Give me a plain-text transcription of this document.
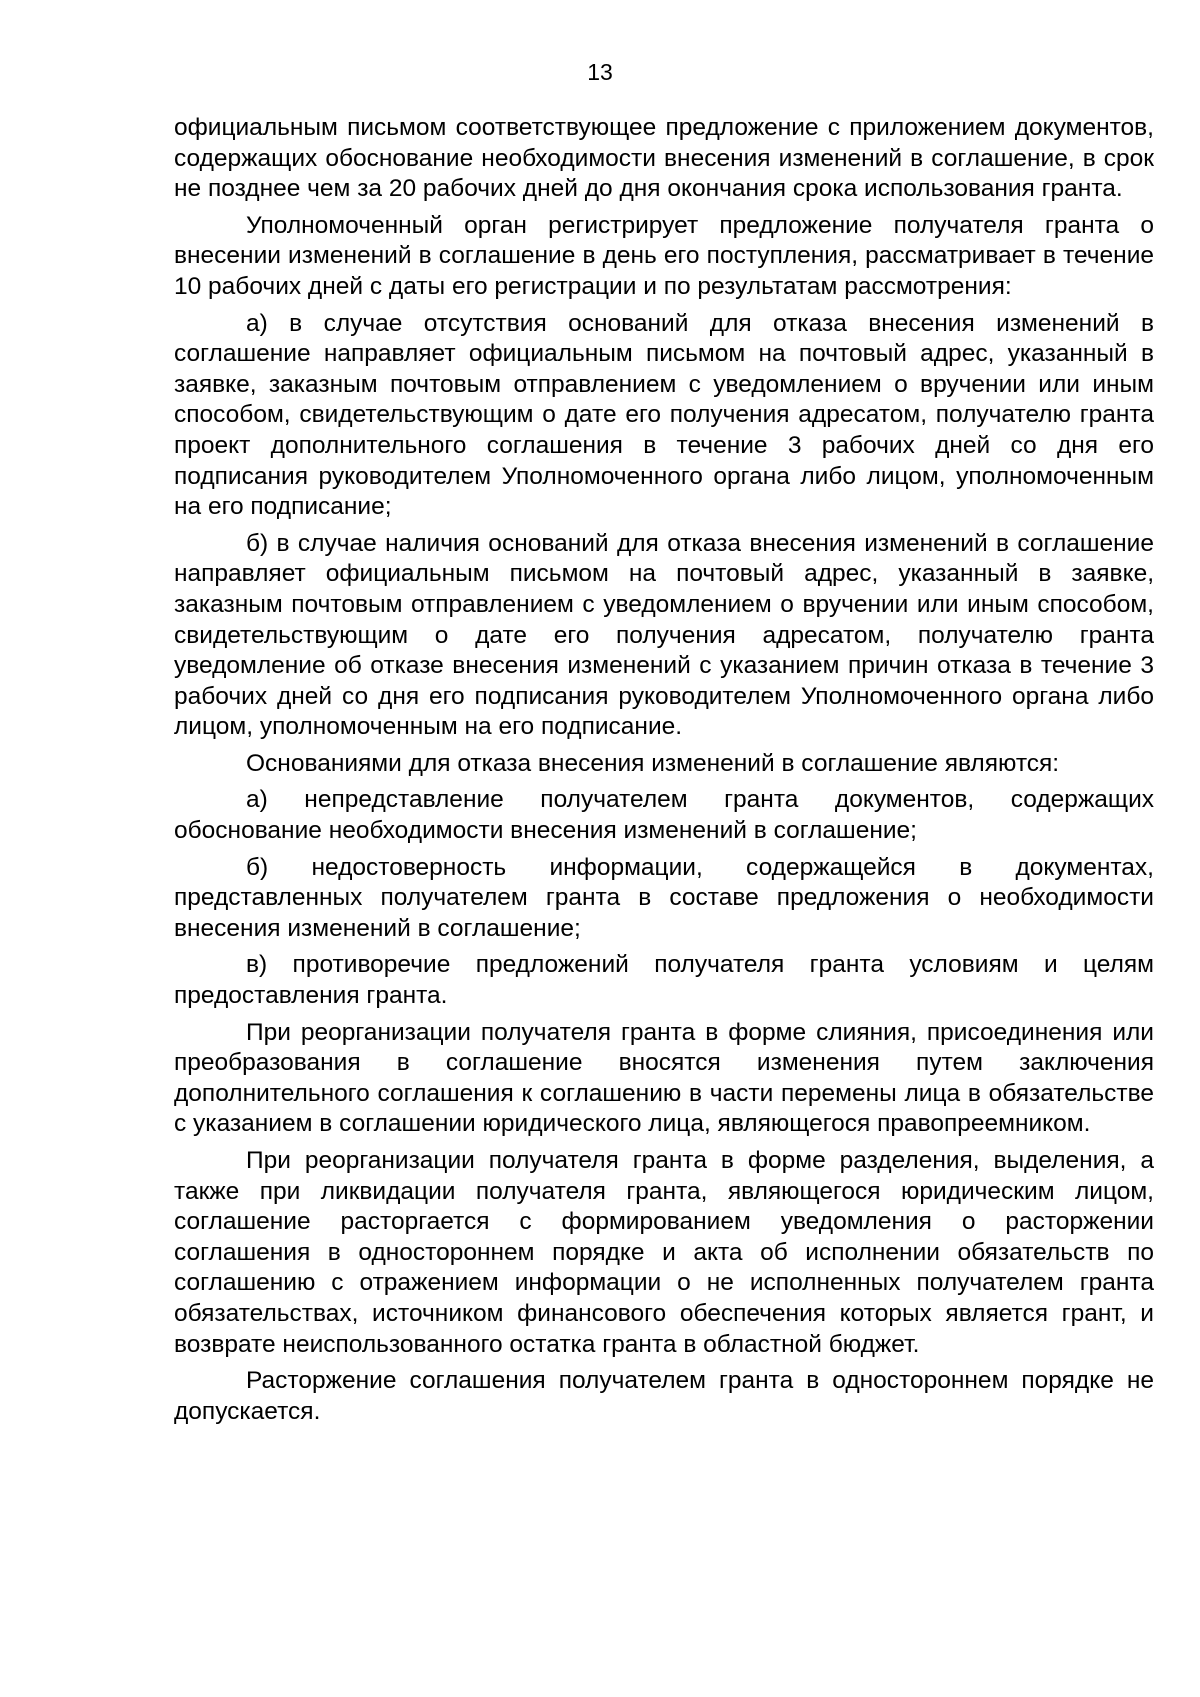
13

официальным письмом соответствующее предложение с приложением документов, содержащих обоснование необходимости внесения изменений в соглашение, в срок не позднее чем за 20 рабочих дней до дня окончания срока использования гранта.

Уполномоченный орган регистрирует предложение получателя гранта о внесении изменений в соглашение в день его поступления, рассматривает в течение 10 рабочих дней с даты его регистрации и по результатам рассмотрения:

а) в случае отсутствия оснований для отказа внесения изменений в соглашение направляет официальным письмом на почтовый адрес, указанный в заявке, заказным почтовым отправлением с уведомлением о вручении или иным способом, свидетельствующим о дате его получения адресатом, получателю гранта проект дополнительного соглашения в течение 3 рабочих дней со дня его подписания руководителем Уполномоченного органа либо лицом, уполномоченным на его подписание;

б) в случае наличия оснований для отказа внесения изменений в соглашение направляет официальным письмом на почтовый адрес, указанный в заявке, заказным почтовым отправлением с уведомлением о вручении или иным способом, свидетельствующим о дате его получения адресатом, получателю гранта уведомление об отказе внесения изменений с указанием причин отказа в течение 3 рабочих дней со дня его подписания руководителем Уполномоченного органа либо лицом, уполномоченным на его подписание.

Основаниями для отказа внесения изменений в соглашение являются:

а) непредставление получателем гранта документов, содержащих обоснование необходимости внесения изменений в соглашение;

б) недостоверность информации, содержащейся в документах, представленных получателем гранта в составе предложения о необходимости внесения изменений в соглашение;

в) противоречие предложений получателя гранта условиям и целям предоставления гранта.

При реорганизации получателя гранта в форме слияния, присоединения или преобразования в соглашение вносятся изменения путем заключения дополнительного соглашения к соглашению в части перемены лица в обязательстве с указанием в соглашении юридического лица, являющегося правопреемником.

При реорганизации получателя гранта в форме разделения, выделения, а также при ликвидации получателя гранта, являющегося юридическим лицом, соглашение расторгается с формированием уведомления о расторжении соглашения в одностороннем порядке и акта об исполнении обязательств по соглашению с отражением информации о не исполненных получателем гранта обязательствах, источником финансового обеспечения которых является грант, и возврате неиспользованного остатка гранта в областной бюджет.

Расторжение соглашения получателем гранта в одностороннем порядке не допускается.
